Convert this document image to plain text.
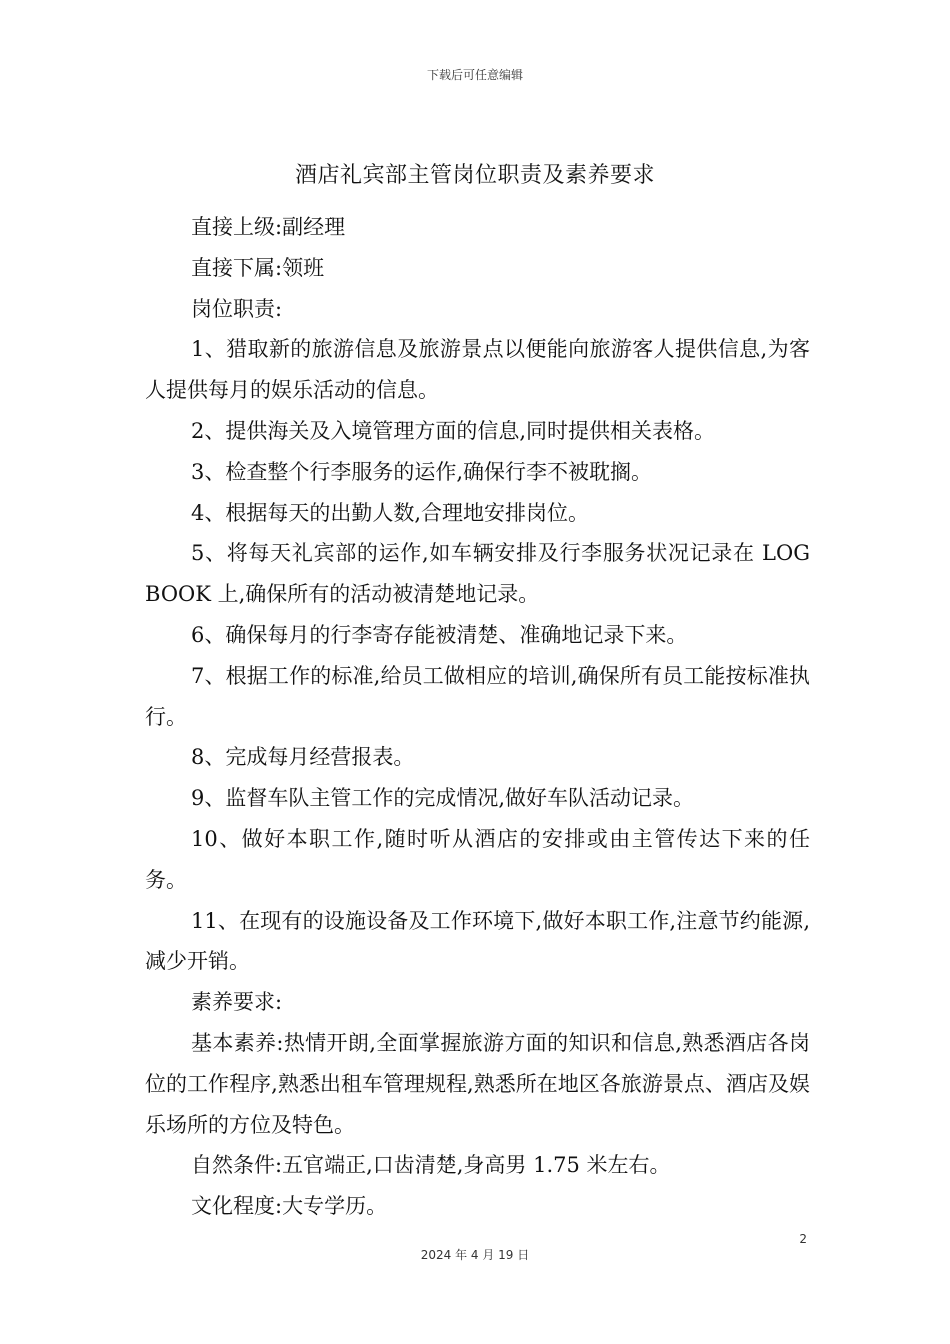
下载后可任意编辑
酒店礼宾部主管岗位职责及素养要求

直接上级:副经理

直接下属:领班

岗位职责:

1、猎取新的旅游信息及旅游景点以便能向旅游客人提供信息,为客人提供每月的娱乐活动的信息。

2、提供海关及入境管理方面的信息,同时提供相关表格。

3、检查整个行李服务的运作,确保行李不被耽搁。

4、根据每天的出勤人数,合理地安排岗位。

5、将每天礼宾部的运作,如车辆安排及行李服务状况记录在 LOG BOOK 上,确保所有的活动被清楚地记录。

6、确保每月的行李寄存能被清楚、准确地记录下来。

7、根据工作的标准,给员工做相应的培训,确保所有员工能按标准执行。

8、完成每月经营报表。

9、监督车队主管工作的完成情况,做好车队活动记录。

10、做好本职工作,随时听从酒店的安排或由主管传达下来的任务。

11、在现有的设施设备及工作环境下,做好本职工作,注意节约能源,减少开销。

素养要求:

基本素养:热情开朗,全面掌握旅游方面的知识和信息,熟悉酒店各岗位的工作程序,熟悉出租车管理规程,熟悉所在地区各旅游景点、酒店及娱乐场所的方位及特色。

自然条件:五官端正,口齿清楚,身高男 1.75 米左右。

文化程度:大专学历。

2
2024 年 4 月 19 日
